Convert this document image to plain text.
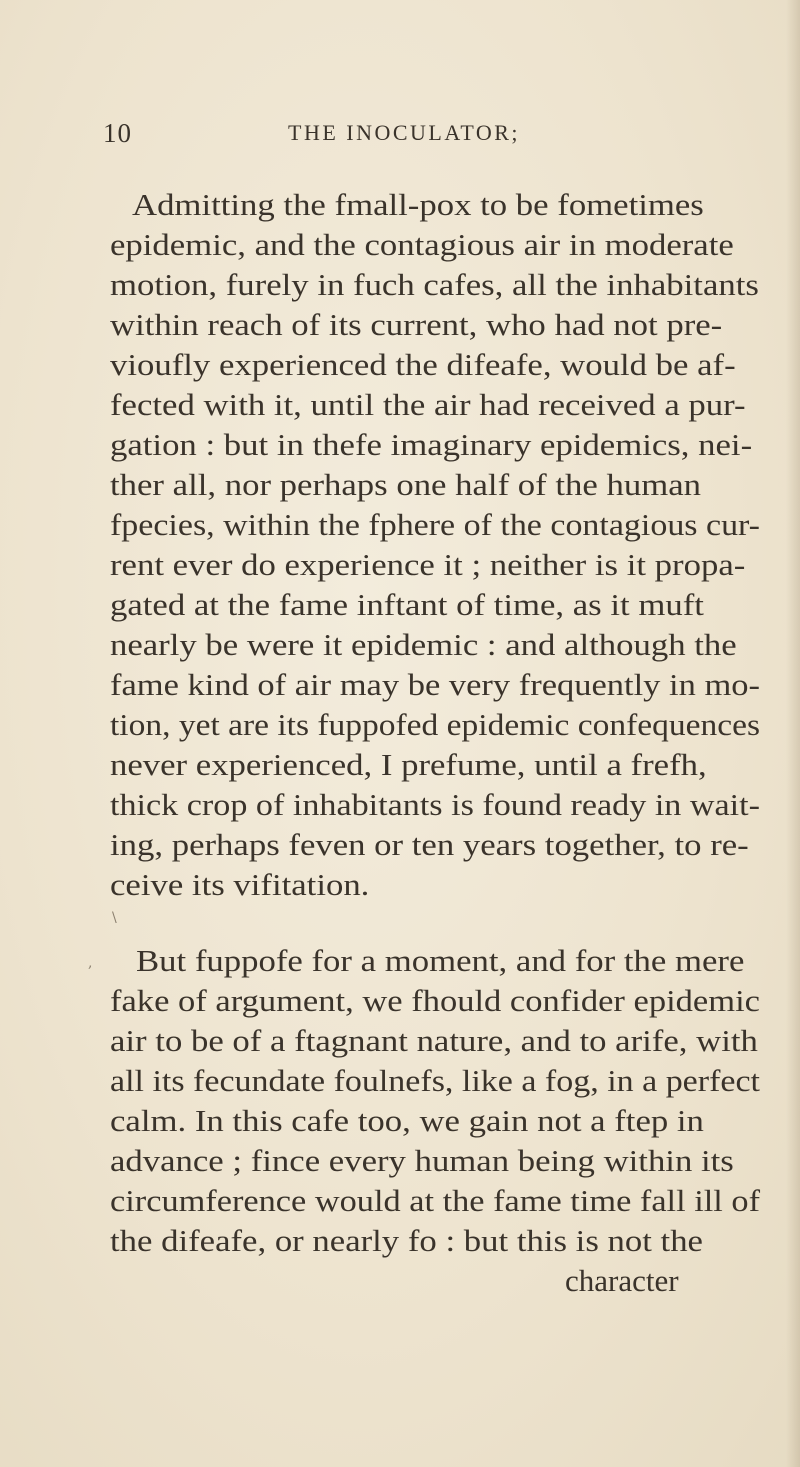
10	THE INOCULATOR;
Admitting the fmall-pox to be fometimes
epidemic, and the contagious air in moderate
motion, furely in fuch cafes, all the inhabitants
within reach of its current, who had not pre-
vioufly experienced the difeafe, would be af-
fected with it, until the air had received a pur-
gation : but in thefe imaginary epidemics, nei-
ther all, nor perhaps one half of the human
fpecies, within the fphere of the contagious cur-
rent ever do experience it ; neither is it propa-
gated at the fame inftant of time, as it muft
nearly be were it epidemic : and although the
fame kind of air may be very frequently in mo-
tion, yet are its fuppofed epidemic confequences
never experienced, I prefume, until a frefh,
thick crop of inhabitants is found ready in wait-
ing, perhaps feven or ten years together, to re-
ceive its vifitation.
\
, But fuppofe for a moment, and for the mere
fake of argument, we fhould confider epidemic
air to be of a ftagnant nature, and to arife, with
all its fecundate foulnefs, like a fog, in a perfect
calm. In this cafe too, we gain not a ftep in
advance ; fince every human being within its
circumference would at the fame time fall ill of
the difeafe, or nearly fo : but this is not the
character
